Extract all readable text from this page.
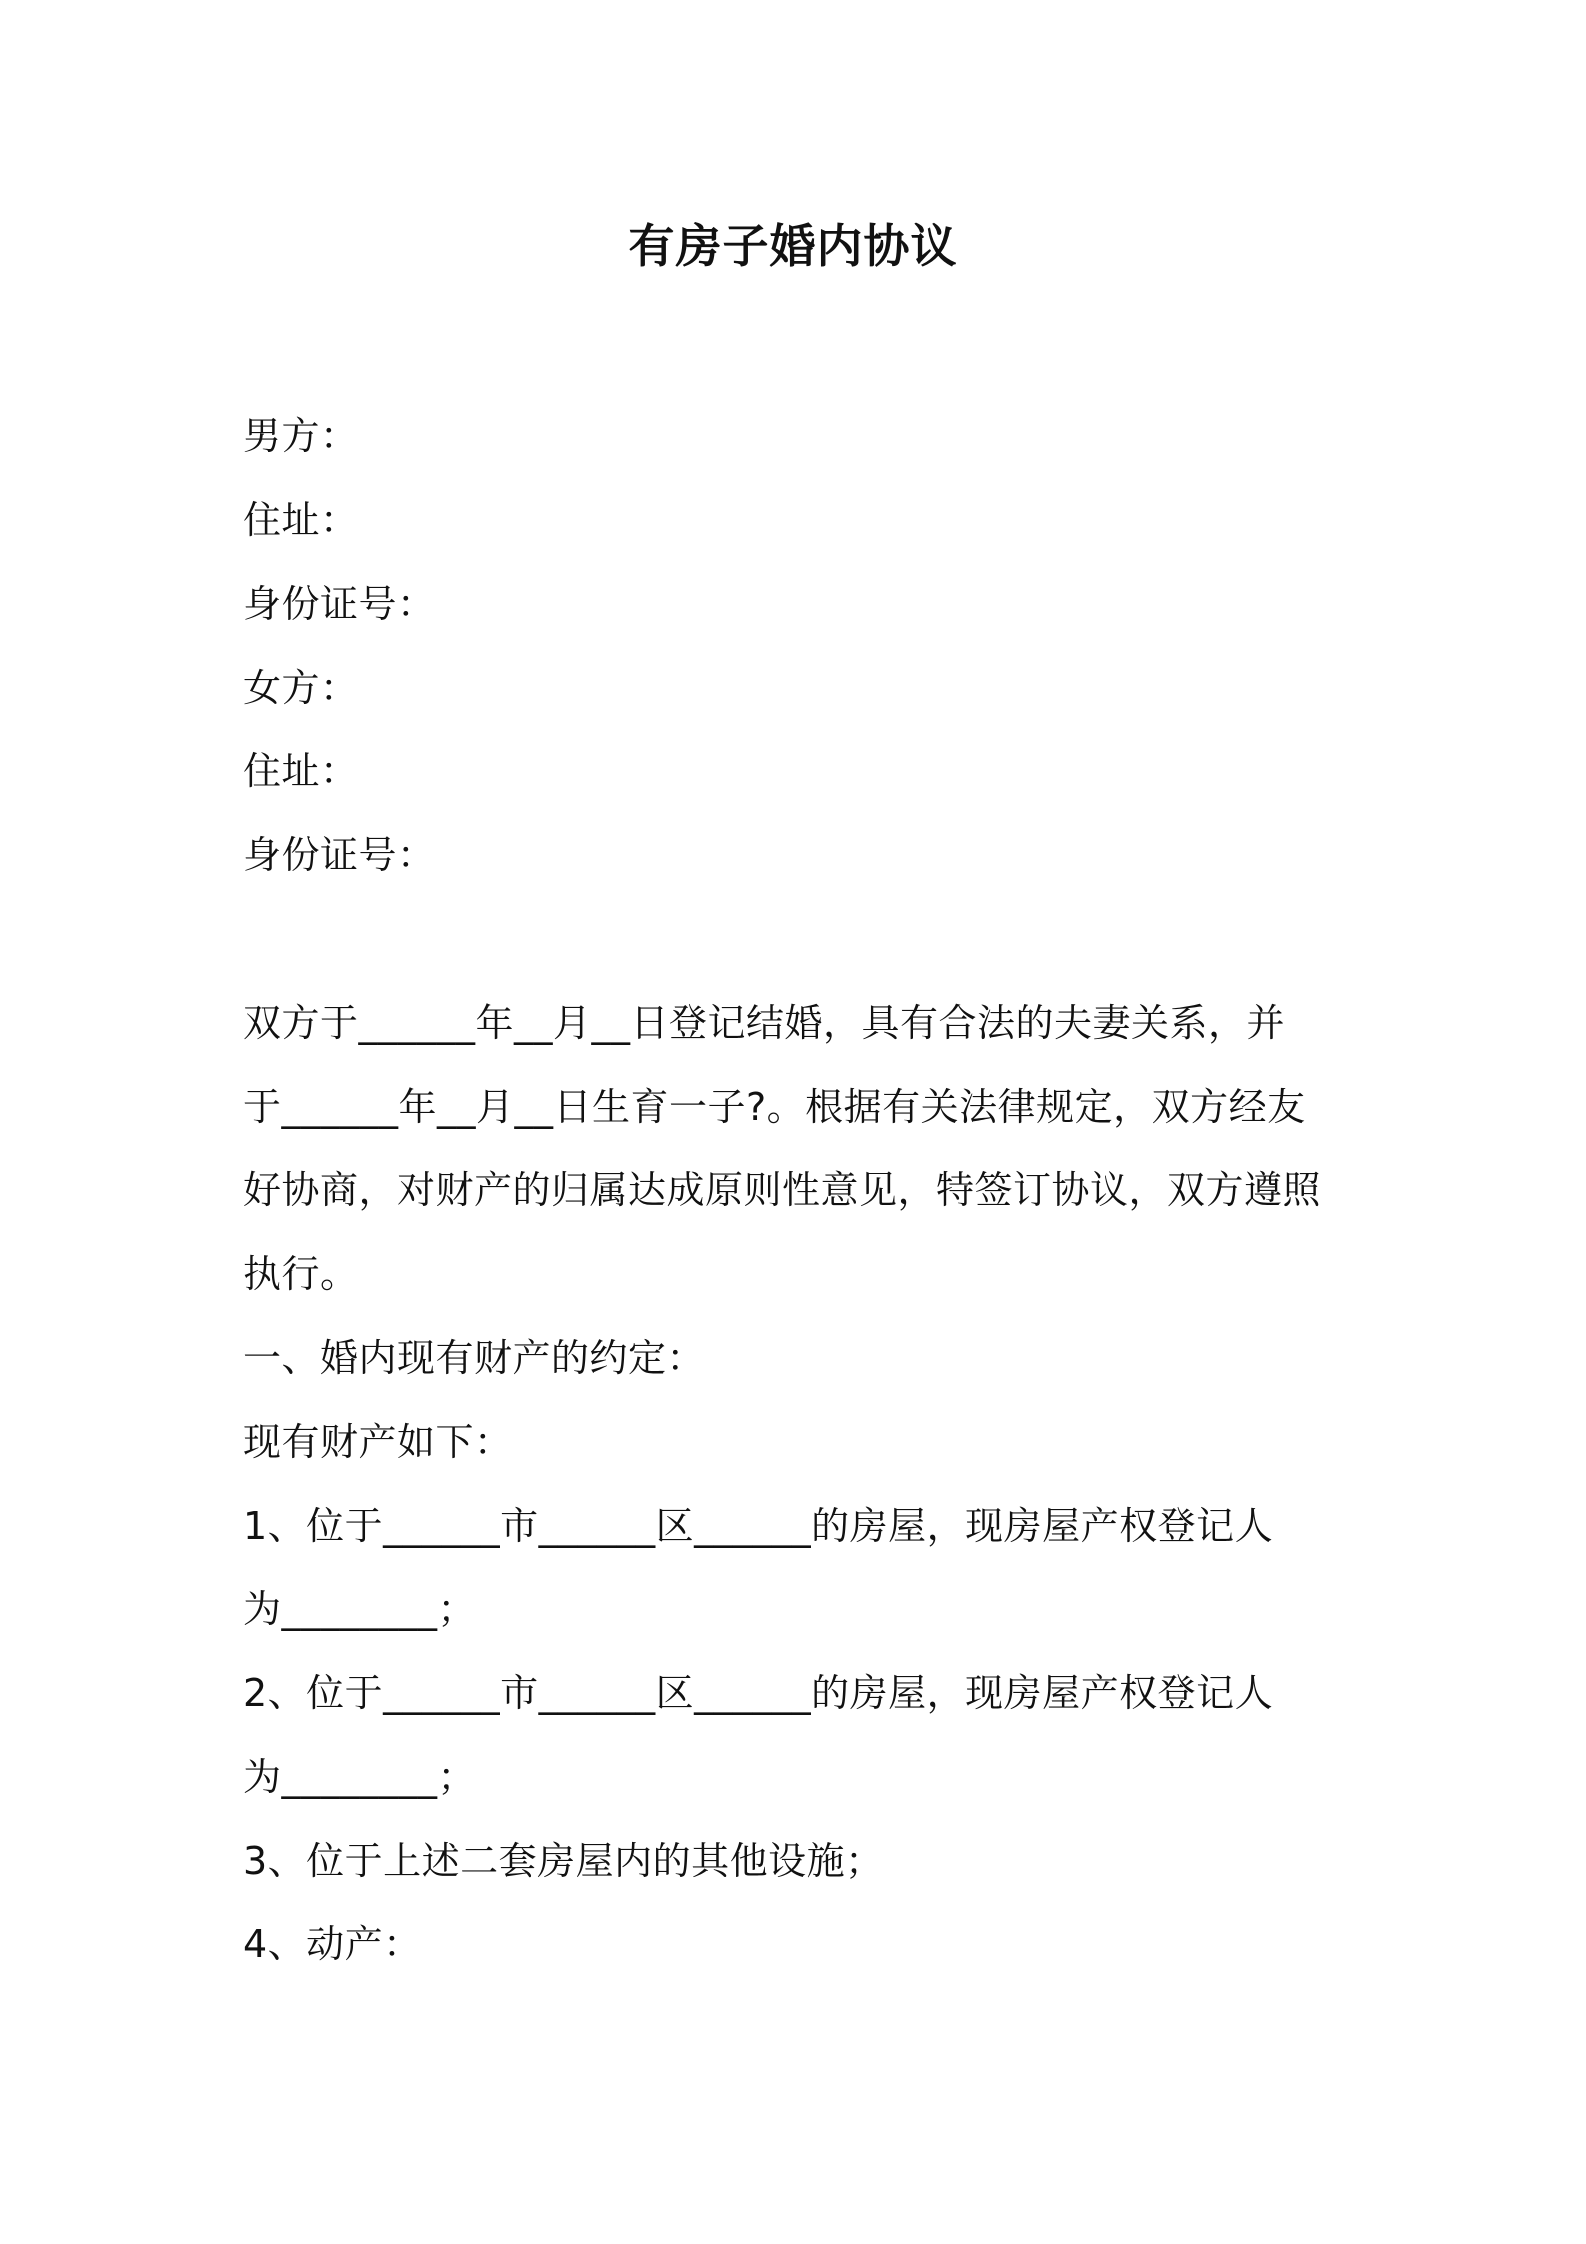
有房子婚内协议
男方：
住址：
身份证号：
女方：
住址：
身份证号：
双方于______年__月__日登记结婚，具有合法的夫妻关系，并
于______年__月__日生育一子?。根据有关法律规定，双方经友
好协商，对财产的归属达成原则性意见，特签订协议，双方遵照
执行。
一、婚内现有财产的约定：
现有财产如下：
1、位于______市______区______的房屋，现房屋产权登记人
为________；
2、位于______市______区______的房屋，现房屋产权登记人
为________；
3、位于上述二套房屋内的其他设施；
4、动产：
